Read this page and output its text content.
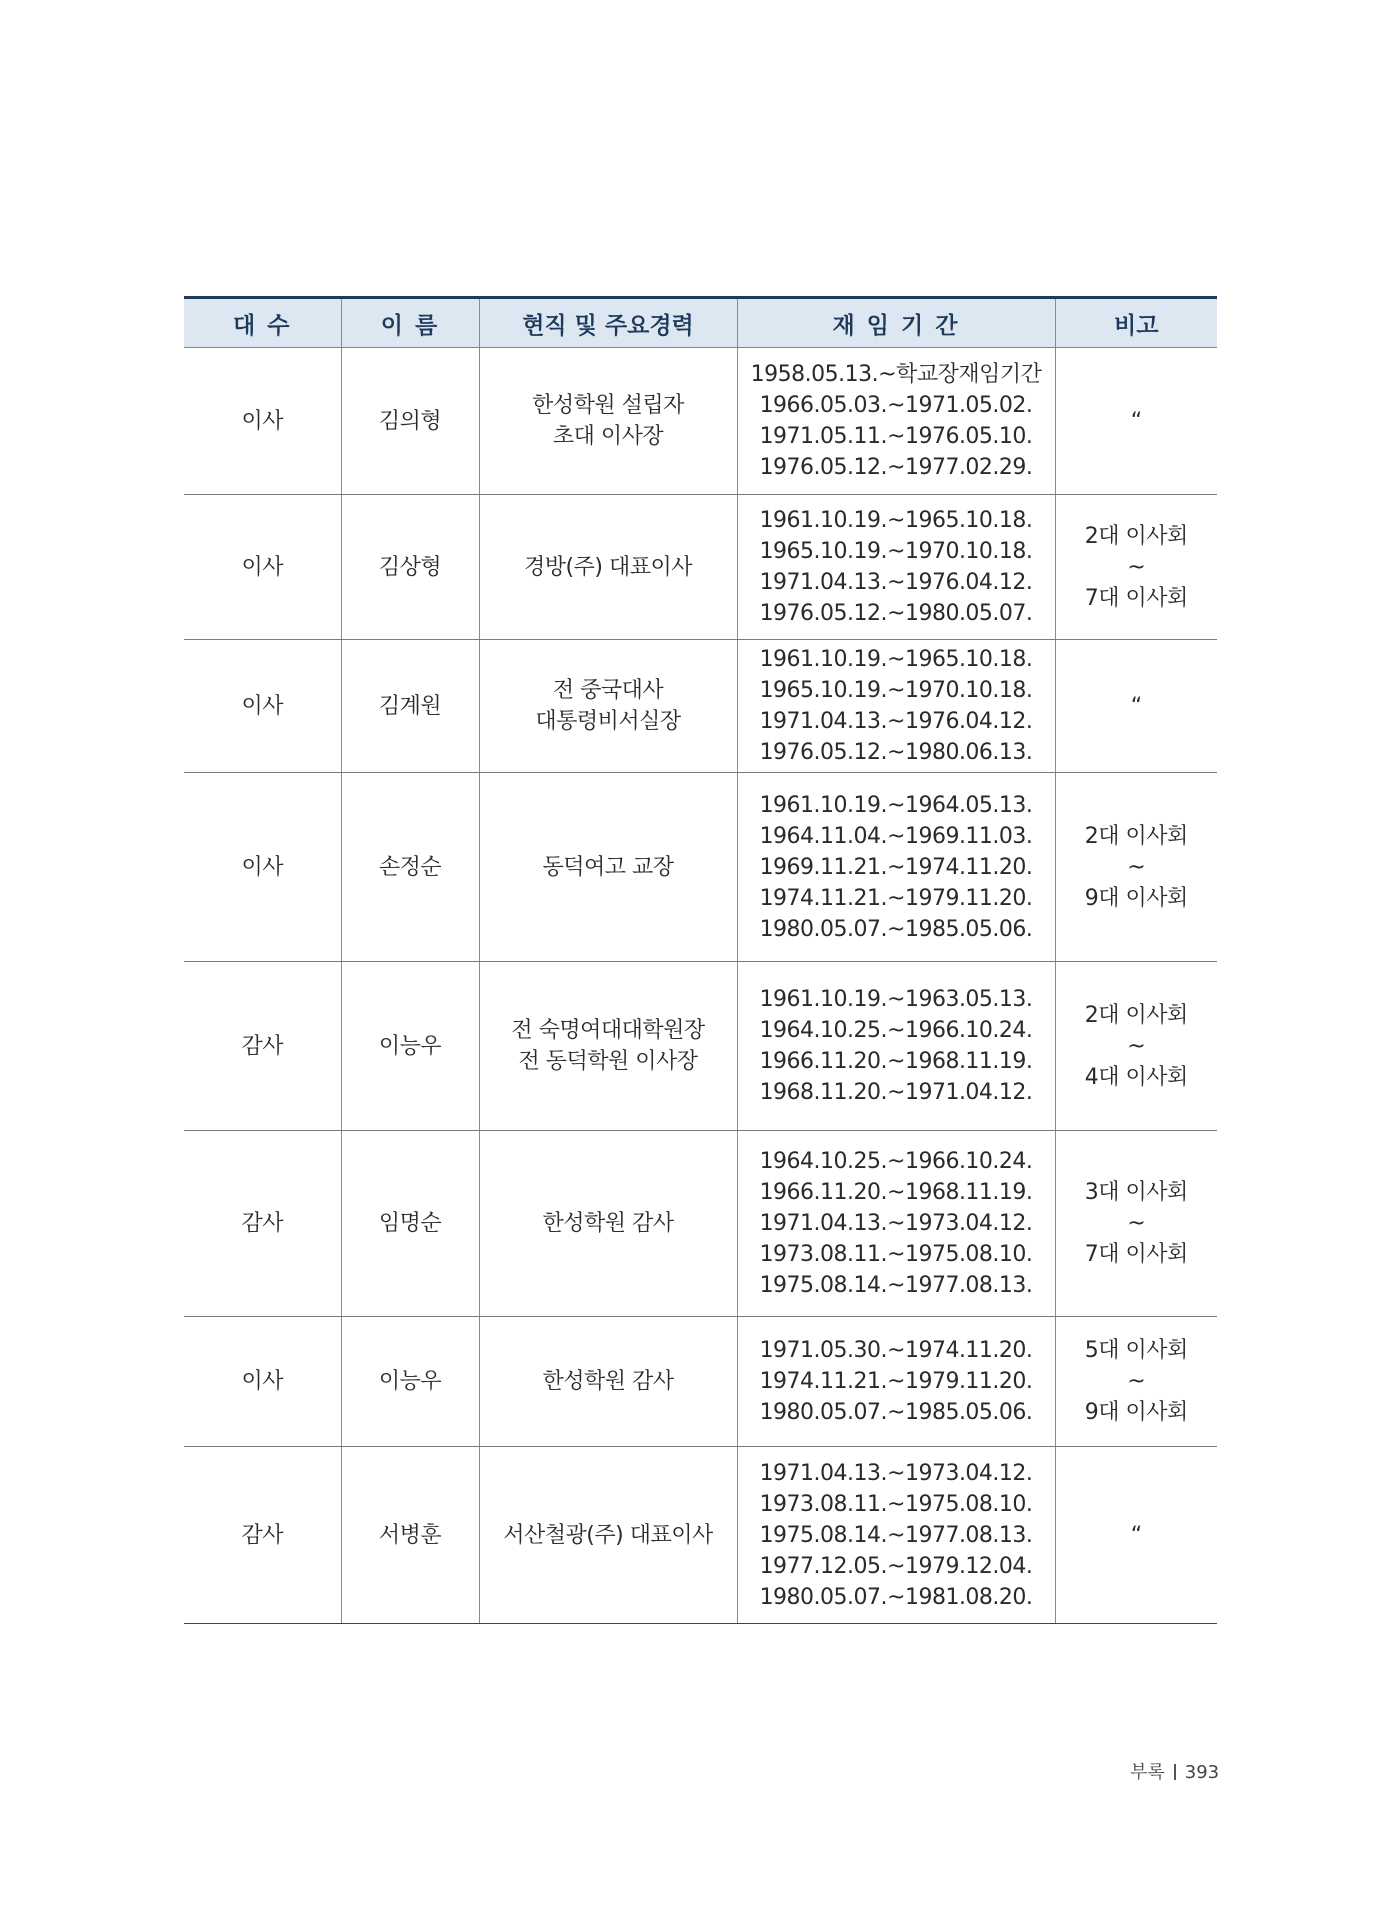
대 수	이 름	현직 및 주요경력	재 임 기 간	비고
이사	김의형	한성학원 설립자
초대 이사장	1958.05.13.~학교장재임기간
1966.05.03.~1971.05.02.
1971.05.11.~1976.05.10.
1976.05.12.~1977.02.29.	“

이사	김상형	경방(주) 대표이사	1961.10.19.~1965.10.18.
1965.10.19.~1970.10.18.
1971.04.13.~1976.04.12.
1976.05.12.~1980.05.07.	2대 이사회
~
7대 이사회

이사	김계원	전 중국대사
대통령비서실장	1961.10.19.~1965.10.18.
1965.10.19.~1970.10.18.
1971.04.13.~1976.04.12.
1976.05.12.~1980.06.13.	“

이사	손정순	동덕여고 교장	1961.10.19.~1964.05.13.
1964.11.04.~1969.11.03.
1969.11.21.~1974.11.20.
1974.11.21.~1979.11.20.
1980.05.07.~1985.05.06.	2대 이사회
~
9대 이사회

감사	이능우	전 숙명여대대학원장
전 동덕학원 이사장	1961.10.19.~1963.05.13.
1964.10.25.~1966.10.24.
1966.11.20.~1968.11.19.
1968.11.20.~1971.04.12.	2대 이사회
~
4대 이사회

감사	임명순	한성학원 감사	1964.10.25.~1966.10.24.
1966.11.20.~1968.11.19.
1971.04.13.~1973.04.12.
1973.08.11.~1975.08.10.
1975.08.14.~1977.08.13.	3대 이사회
~
7대 이사회

이사	이능우	한성학원 감사	1971.05.30.~1974.11.20.
1974.11.21.~1979.11.20.
1980.05.07.~1985.05.06.	5대 이사회
~
9대 이사회

감사	서병훈	서산철광(주) 대표이사	1971.04.13.~1973.04.12.
1973.08.11.~1975.08.10.
1975.08.14.~1977.08.13.
1977.12.05.~1979.12.04.
1980.05.07.~1981.08.20.	“
부록 393
